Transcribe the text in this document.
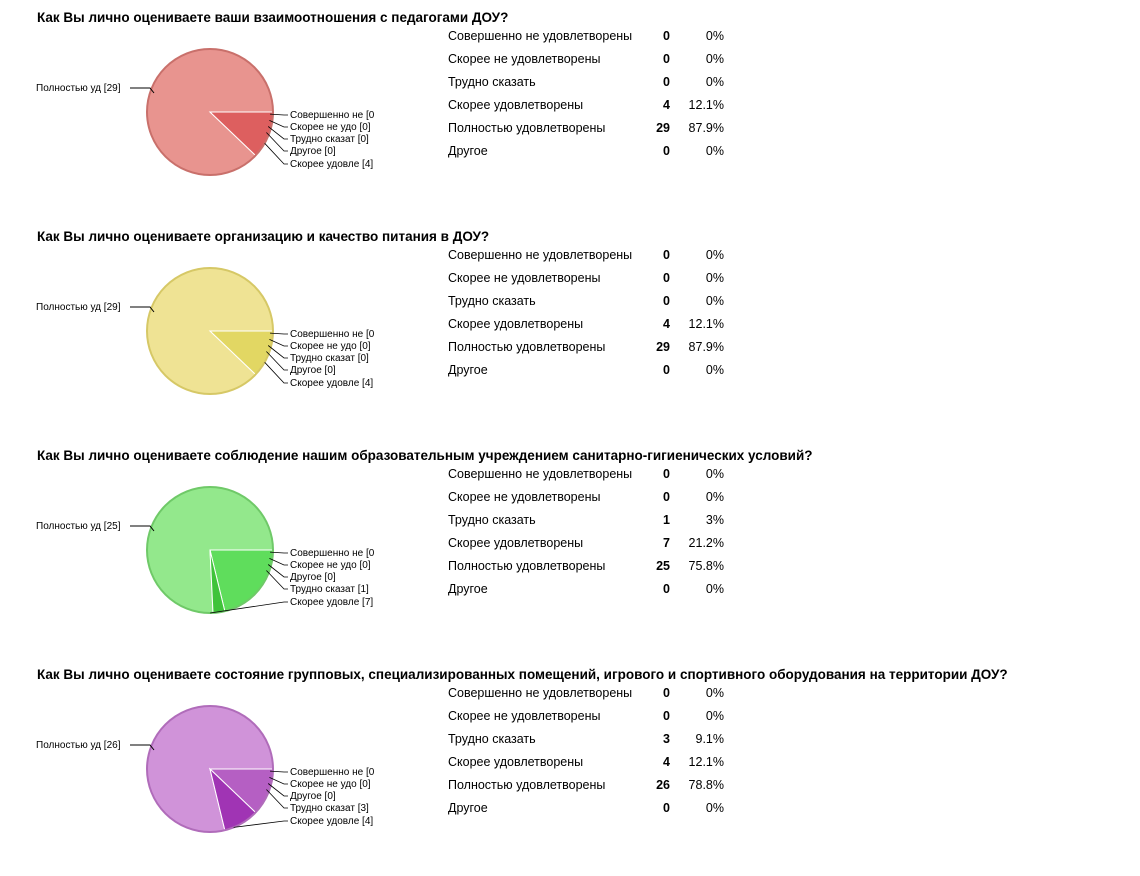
Как Вы лично оцениваете ваши взаимоотношения с педагогами ДОУ?
Полностью уд [29]
Совершенно не [0
Скорее не удо [0]
Трудно сказат [0]
Другое [0]
Скорее удовле [4]
Совершенно не удовлетворены	0	0%
Скорее не удовлетворены	0	0%
Трудно сказать	0	0%
Скорее удовлетворены	4	12.1%
Полностью удовлетворены	29	87.9%
Другое	0	0%
Как Вы лично оцениваете организацию и качество питания в ДОУ?
Полностью уд [29]
Совершенно не [0
Скорее не удо [0]
Трудно сказат [0]
Другое [0]
Скорее удовле [4]
Совершенно не удовлетворены	0	0%
Скорее не удовлетворены	0	0%
Трудно сказать	0	0%
Скорее удовлетворены	4	12.1%
Полностью удовлетворены	29	87.9%
Другое	0	0%
Как Вы лично оцениваете соблюдение нашим образовательным учреждением санитарно-гигиенических условий?
Полностью уд [25]
Совершенно не [0
Скорее не удо [0]
Другое [0]
Трудно сказат [1]
Скорее удовле [7]
Совершенно не удовлетворены	0	0%
Скорее не удовлетворены	0	0%
Трудно сказать	1	3%
Скорее удовлетворены	7	21.2%
Полностью удовлетворены	25	75.8%
Другое	0	0%
Как Вы лично оцениваете состояние групповых, специализированных помещений, игрового и спортивного оборудования на территории ДОУ?
Полностью уд [26]
Совершенно не [0
Скорее не удо [0]
Другое [0]
Трудно сказат [3]
Скорее удовле [4]
Совершенно не удовлетворены	0	0%
Скорее не удовлетворены	0	0%
Трудно сказать	3	9.1%
Скорее удовлетворены	4	12.1%
Полностью удовлетворены	26	78.8%
Другое	0	0%
